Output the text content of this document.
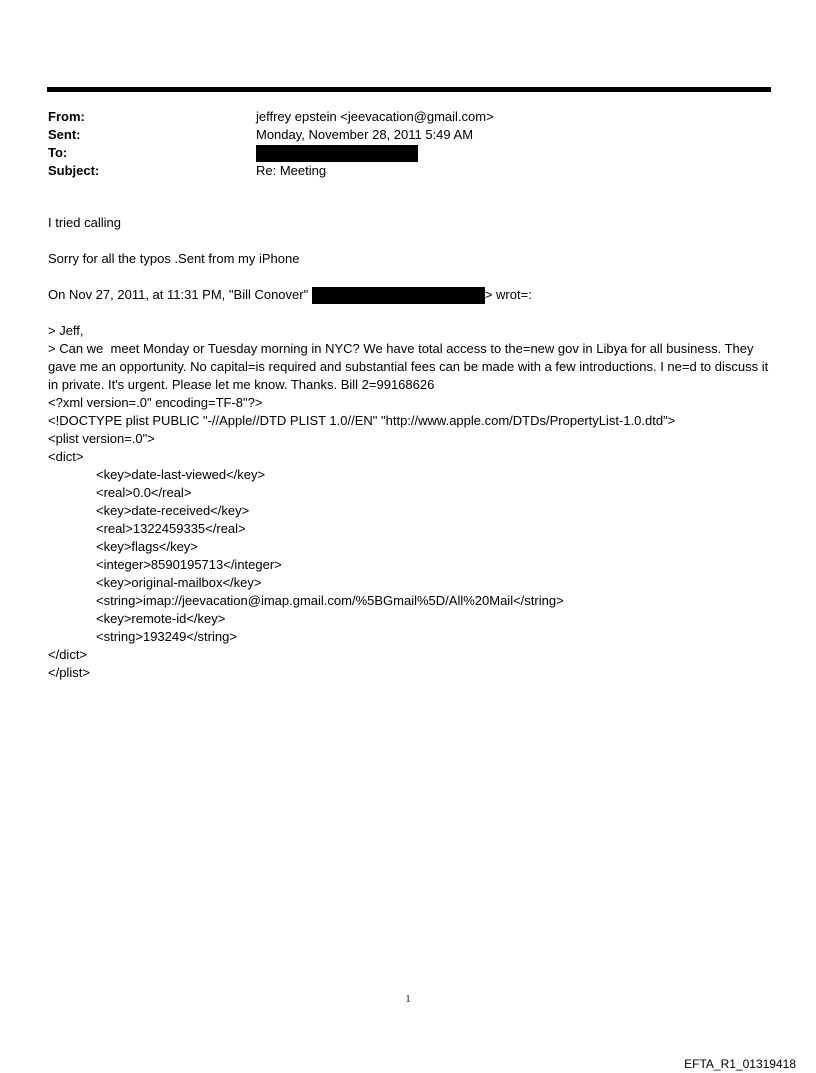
From:	jeffrey epstein <jeevacation@gmail.com>
Sent:	Monday, November 28, 2011 5:49 AM
To:
Subject:	Re: Meeting

I tried calling

Sorry for all the typos .Sent from my iPhone

On Nov 27, 2011, at 11:31 PM, "Bill Conover"	> wrot=:

> Jeff,

> Can we  meet Monday or Tuesday morning in NYC? We have total access to the=new gov in Libya for all business. They gave me an opportunity. No capital=is required and substantial fees can be made with a few introductions. I ne=d to discuss it in private. It's urgent. Please let me know. Thanks. Bill 2=99168626

<?xml version=.0" encoding=TF-8"?>

<!DOCTYPE plist PUBLIC "-//Apple//DTD PLIST 1.0//EN" "http://www.apple.com/DTDs/PropertyList-1.0.dtd">

<plist version=.0">

<dict>

<key>date-last-viewed</key>

<real>0.0</real>

<key>date-received</key>

<real>1322459335</real>

<key>flags</key>

<integer>8590195713</integer>

<key>original-mailbox</key>

<string>imap://jeevacation@imap.gmail.com/%5BGmail%5D/All%20Mail</string>

<key>remote-id</key>

<string>193249</string>

</dict>

</plist>

1
EFTA_R1_01319418
